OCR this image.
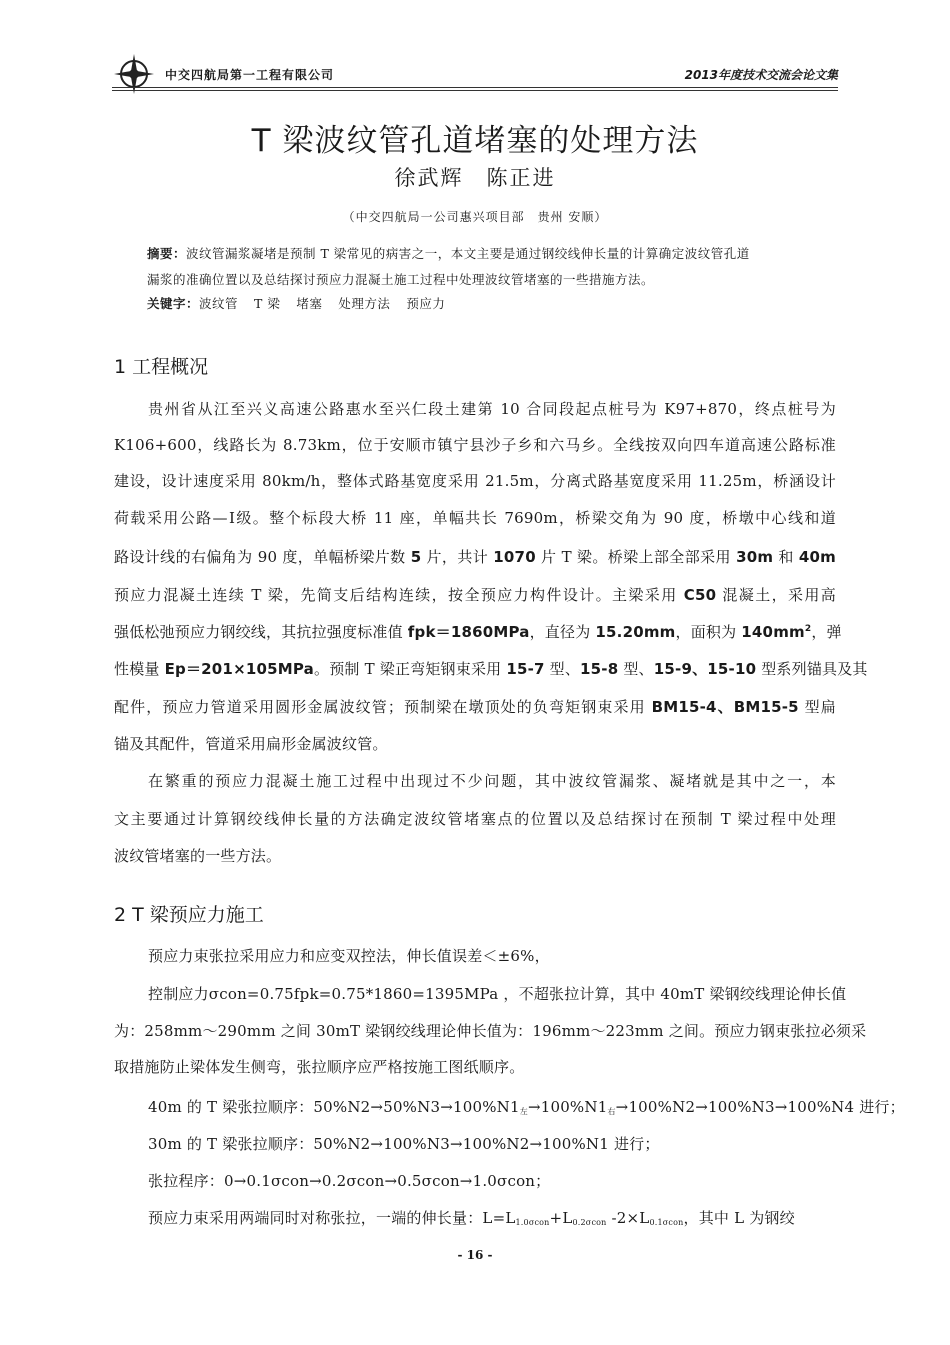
中交四航局第一工程有限公司	2013年度技术交流会论文集
T 梁波纹管孔道堵塞的处理方法
徐武辉　陈正进
（中交四航局一公司惠兴项目部　贵州 安顺）
摘要：波纹管漏浆凝堵是预制 T 梁常见的病害之一，本文主要是通过钢绞线伸长量的计算确定波纹管孔道
漏浆的准确位置以及总结探讨预应力混凝土施工过程中处理波纹管堵塞的一些措施方法。
关键字：波纹管 T 梁 堵塞 处理方法 预应力
1 工程概况
贵州省从江至兴义高速公路惠水至兴仁段土建第 10 合同段起点桩号为 K97+870，终点桩号为
K106+600，线路长为 8.73km，位于安顺市镇宁县沙子乡和六马乡。全线按双向四车道高速公路标准
建设，设计速度采用 80km/h，整体式路基宽度采用 21.5m，分离式路基宽度采用 11.25m，桥涵设计
荷载采用公路—Ⅰ级。整个标段大桥 11 座，单幅共长 7690m，桥梁交角为 90 度，桥墩中心线和道
路设计线的右偏角为 90 度，单幅桥梁片数 5 片，共计 1070 片 T 梁。桥梁上部全部采用 30m 和 40m
预应力混凝土连续 T 梁，先简支后结构连续，按全预应力构件设计。主梁采用 C50 混凝土，采用高
强低松弛预应力钢绞线，其抗拉强度标准值 fpk＝1860MPa，直径为 15.20mm，面积为 $140mm^2$，弹
性模量 Ep＝201×105MPa。预制 T 梁正弯矩钢束采用 15-7 型、15-8 型、15-9、15-10 型系列锚具及其
配件，预应力管道采用圆形金属波纹管；预制梁在墩顶处的负弯矩钢束采用 BM15-4、BM15-5 型扁
锚及其配件，管道采用扁形金属波纹管。
在繁重的预应力混凝土施工过程中出现过不少问题，其中波纹管漏浆、凝堵就是其中之一，本
文主要通过计算钢绞线伸长量的方法确定波纹管堵塞点的位置以及总结探讨在预制 T 梁过程中处理
波纹管堵塞的一些方法。
2 T 梁预应力施工
预应力束张拉采用应力和应变双控法，伸长值误差＜±6%，
控制应力σcon=0.75fpk=0.75*1860=1395MPa ，不超张拉计算，其中 40mT 梁钢绞线理论伸长值
为：258mm～290mm 之间 30mT 梁钢绞线理论伸长值为：196mm～223mm 之间。预应力钢束张拉必须采
取措施防止梁体发生侧弯，张拉顺序应严格按施工图纸顺序。
40m 的 T 梁张拉顺序：$50\%N2\to 50\%N3\to 100\%N1_左\to 100\%N1_右\to 100\%N2\to 100\%N3\to 100\%N4$ 进行；
30m 的 T 梁张拉顺序：50%N2→100%N3→100%N2→100%N1 进行；
张拉程序：0→0.1σcon→0.2σcon→0.5σcon→1.0σcon；
预应力束采用两端同时对称张拉，一端的伸长量：$L=L_{1.0\sigma con}+L_{0.2\sigma con}$ $-2\times L_{0.1\sigma con}$，其中 L 为钢绞
- 16 -
